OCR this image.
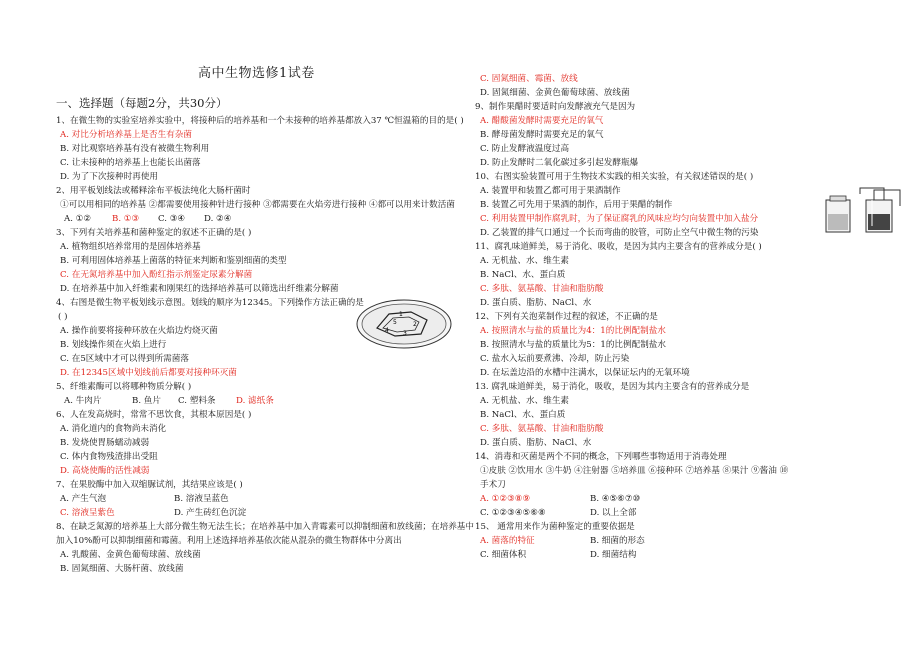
高中生物选修1试卷
一、选择题（每题2分，共30分）
1、在微生物的实验室培养实验中，将接种后的培养基和一个未接种的培养基都放入37 ℃恒温箱的目的是( )
A. 对比分析培养基上是否生有杂菌
B. 对比观察培养基有没有被微生物利用
C. 让未接种的培养基上也能长出菌落
D. 为了下次接种时再使用
2、用平板划线法或稀释涂布平板法纯化大肠杆菌时
①可以用相同的培养基 ②都需要使用接种针进行接种 ③都需要在火焰旁进行接种 ④都可以用来计数活菌
A. ①② B. ①③ C. ③④ D. ②④
3、下列有关培养基和菌种鉴定的叙述不正确的是( )
A. 植物组织培养常用的是固体培养基
B. 可利用固体培养基上菌落的特征来判断和鉴别细菌的类型
C. 在无氮培养基中加入酚红指示剂鉴定尿素分解菌
D. 在培养基中加入纤维素和刚果红的选择培养基可以筛选出纤维素分解菌
4、右图是微生物平板划线示意图。划线的顺序为12345。下列操作方法正确的是
( )
A. 操作前要将接种环放在火焰边灼烧灭菌
B. 划线操作须在火焰上进行
C. 在5区域中才可以得到所需菌落
D. 在12345区域中划线前后都要对接种环灭菌
5、纤维素酶可以将哪种物质分解( )
A. 牛肉片	B. 鱼片 C. 塑料条 D. 滤纸条
6、人在发高烧时，常常不思饮食，其根本原因是( )
A. 消化道内的食物尚未消化
B. 发烧使胃肠蠕动减弱
C. 体内食物残渣排出受阻
D. 高烧使酶的活性减弱
7、在果胶酶中加入双缩脲试剂，其结果应该是( )
A. 产生气泡	B. 溶液呈蓝色
C. 溶液呈紫色	D. 产生砖红色沉淀
8、在缺乏氮源的培养基上大部分微生物无法生长；在培养基中加入青霉素可以抑制细菌和放线菌；在培养基中
加入10%酚可以抑制细菌和霉菌。利用上述选择培养基依次能从混杂的微生物群体中分离出
A. 乳酸菌、金黄色葡萄球菌、放线菌
B. 固氮细菌、大肠杆菌、放线菌
1
2
3
4
5
C. 固氮细菌、霉菌、放线
D. 固氮细菌、金黄色葡萄球菌、放线菌
9、制作果醋时要适时向发酵液充气是因为
A. 醋酸菌发酵时需要充足的氧气
B. 酵母菌发酵时需要充足的氧气
C. 防止发酵液温度过高
D. 防止发酵时二氧化碳过多引起发酵瓶爆
10、右图实验装置可用于生物技术实践的相关实验，有关叙述错误的是( )
A. 装置甲和装置乙都可用于果酒制作
B. 装置乙可先用于果酒的制作，后用于果醋的制作
C. 利用装置甲制作腐乳时，为了保证腐乳的风味应均匀向装置中加入盐分
D. 乙装置的排气口通过一个长而弯曲的胶管，可防止空气中微生物的污染
11、腐乳味道鲜美，易于消化、吸收，是因为其内主要含有的营养成分是( )
A. 无机盐、水、维生素
B. NaCl、水、蛋白质
C. 多肽、氨基酸、甘油和脂肪酸
D. 蛋白质、脂肪、NaCl、水
12、下列有关泡菜制作过程的叙述，不正确的是
A. 按照清水与盐的质量比为4：1的比例配制盐水
B. 按照清水与盐的质量比为5：1的比例配制盐水
C. 盐水入坛前要煮沸、冷却，防止污染
D. 在坛盖边沿的水槽中注满水，以保证坛内的无氧环境
13. 腐乳味道鲜美，易于消化，吸收，是因为其内主要含有的营养成分是
A. 无机盐、水、维生素
B. NaCl、水、蛋白质
C. 多肽、氨基酸、甘油和脂肪酸
D. 蛋白质、脂肪、NaCl、水
14、消毒和灭菌是两个不同的概念，下列哪些事物适用于消毒处理
①皮肤 ②饮用水 ③牛奶 ④注射器 ⑤培养皿 ⑥接种环 ⑦培养基 ⑧果汁 ⑨酱油 ⑩
手术刀
A. ①②③⑧⑨	B. ④⑤⑥⑦⑩
C. ①②③④⑤⑥⑧	D. 以上全部
15、 通常用来作为菌种鉴定的重要依据是
A. 菌落的特征	B. 细菌的形态
C. 细菌体积	D. 细菌结构
